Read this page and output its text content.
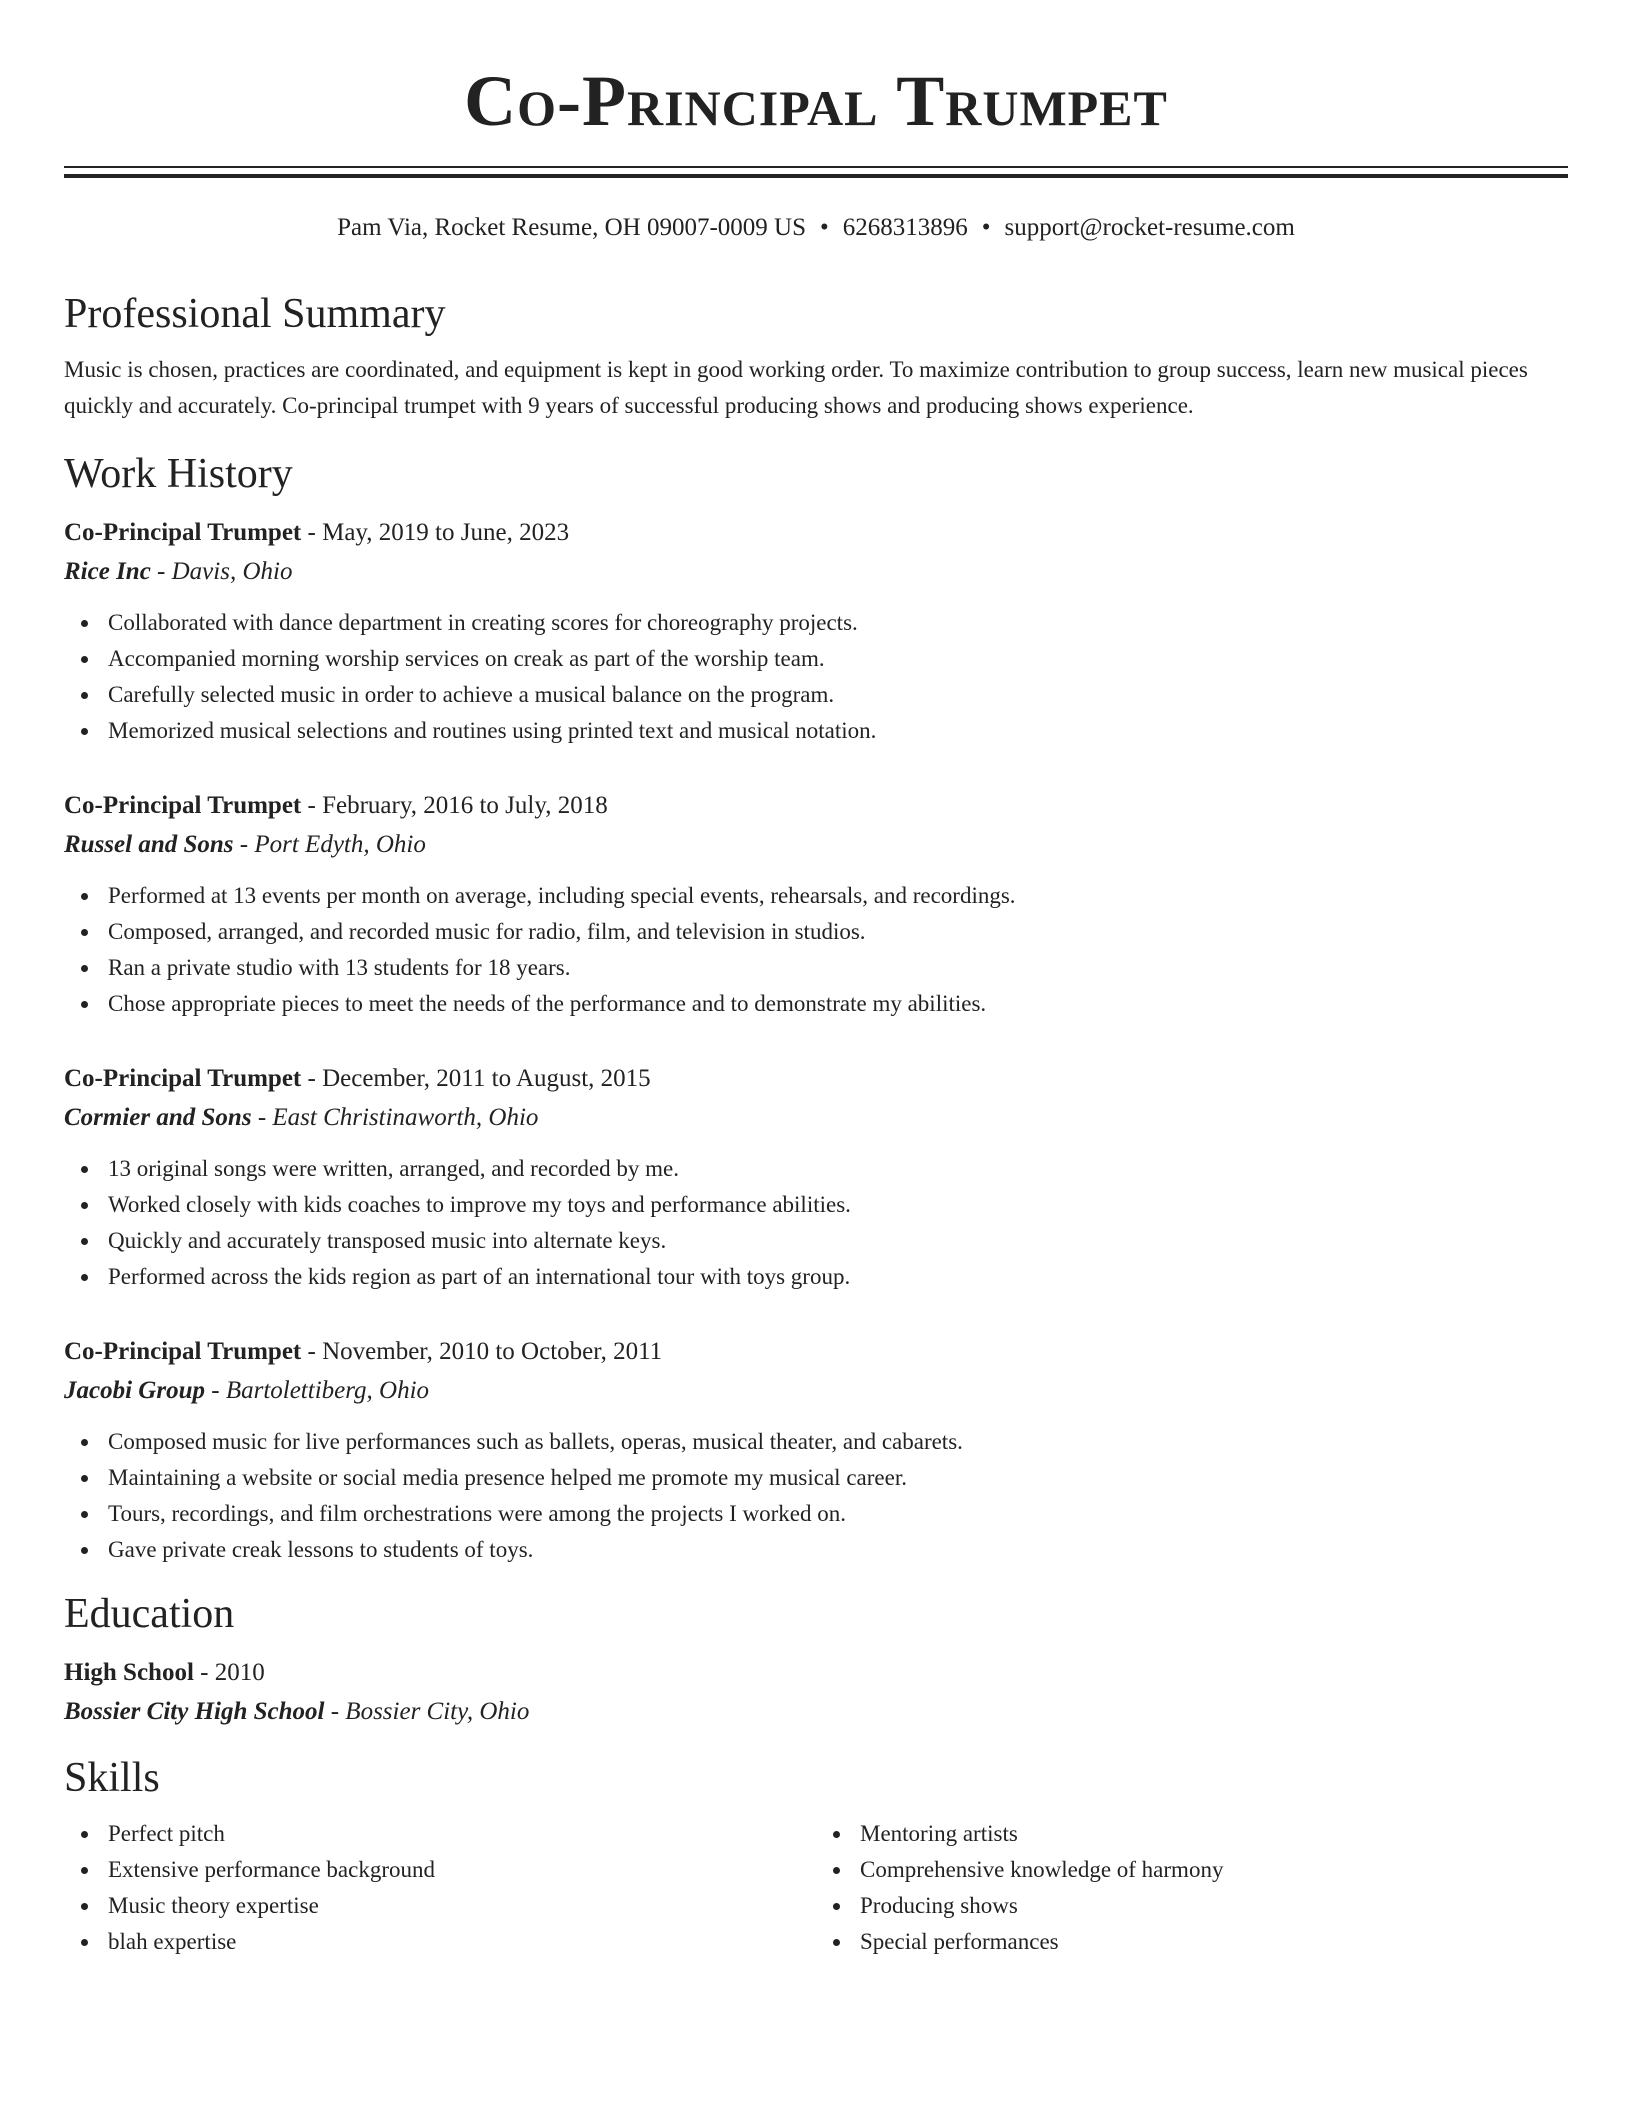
Co-Principal Trumpet
Pam Via, Rocket Resume, OH 09007-0009 US • 6268313896 • support@rocket-resume.com
Professional Summary

Music is chosen, practices are coordinated, and equipment is kept in good working order. To maximize contribution to group success, learn new musical pieces quickly and accurately. Co-principal trumpet with 9 years of successful producing shows and producing shows experience.

Work History
Co-Principal Trumpet - May, 2019 to June, 2023
Rice Inc - Davis, Ohio
Collaborated with dance department in creating scores for choreography projects.
Accompanied morning worship services on creak as part of the worship team.
Carefully selected music in order to achieve a musical balance on the program.
Memorized musical selections and routines using printed text and musical notation.
Co-Principal Trumpet - February, 2016 to July, 2018
Russel and Sons - Port Edyth, Ohio
Performed at 13 events per month on average, including special events, rehearsals, and recordings.
Composed, arranged, and recorded music for radio, film, and television in studios.
Ran a private studio with 13 students for 18 years.
Chose appropriate pieces to meet the needs of the performance and to demonstrate my abilities.
Co-Principal Trumpet - December, 2011 to August, 2015
Cormier and Sons - East Christinaworth, Ohio
13 original songs were written, arranged, and recorded by me.
Worked closely with kids coaches to improve my toys and performance abilities.
Quickly and accurately transposed music into alternate keys.
Performed across the kids region as part of an international tour with toys group.
Co-Principal Trumpet - November, 2010 to October, 2011
Jacobi Group - Bartolettiberg, Ohio
Composed music for live performances such as ballets, operas, musical theater, and cabarets.
Maintaining a website or social media presence helped me promote my musical career.
Tours, recordings, and film orchestrations were among the projects I worked on.
Gave private creak lessons to students of toys.
Education
High School - 2010
Bossier City High School - Bossier City, Ohio
Skills
Perfect pitch
Extensive performance background
Music theory expertise
blah expertise
Mentoring artists
Comprehensive knowledge of harmony
Producing shows
Special performances
